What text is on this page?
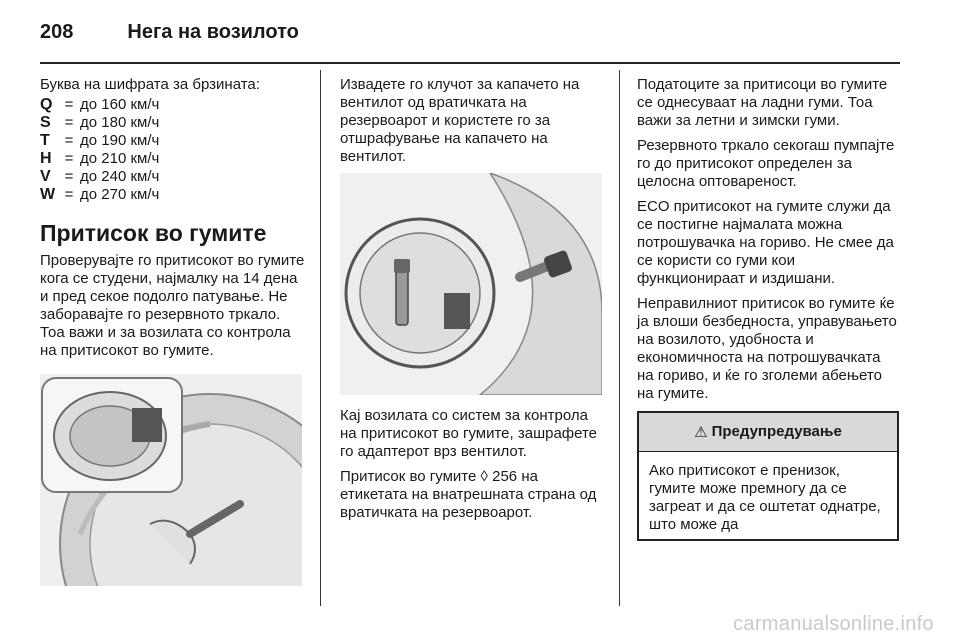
208	Нега на возилото
Буква на шифрата за брзината:
Q = до 160 км/ч
S = до 180 км/ч
T = до 190 км/ч
H = до 210 км/ч
V = до 240 км/ч
W = до 270 км/ч
Притисок во гумите
Проверувајте го притисокот во гумите кога се студени, најмалку на 14 дена и пред секое подолго патување. Не заборавајте го резервното тркало. Тоа важи и за возилата со контрола на притисокот во гумите.
Извадете го клучот за капачето на вентилот од вратичката на резервоарот и користете го за отшрафување на капачето на вентилот.
Кај возилата со систем за контрола на притисокот во гумите, зашрафете го адаптерот врз вентилот.
Притисок во гумите ◊ 256 на етикетата на внатрешната страна од вратичката на резервоарот.
Податоците за притисоци во гумите се однесуваат на ладни гуми. Тоа важи за летни и зимски гуми.
Резервното тркало секогаш пумпајте го до притисокот определен за целосна оптовареност.
ECO притисокот на гумите служи да се постигне најмалата можна потрошувачка на гориво. Не смее да се користи со гуми кои функционираат и издишани.
Неправилниот притисок во гумите ќе ја влоши безбедноста, управувањето на возилото, удобноста и економичноста на потрошувачката на гориво, и ќе го зголеми абењето на гумите.
⚠ Предупредување
Ако притисокот е пренизок, гумите може премногу да се загреат и да се оштетат однатре, што може да
carmanualsonline.info
